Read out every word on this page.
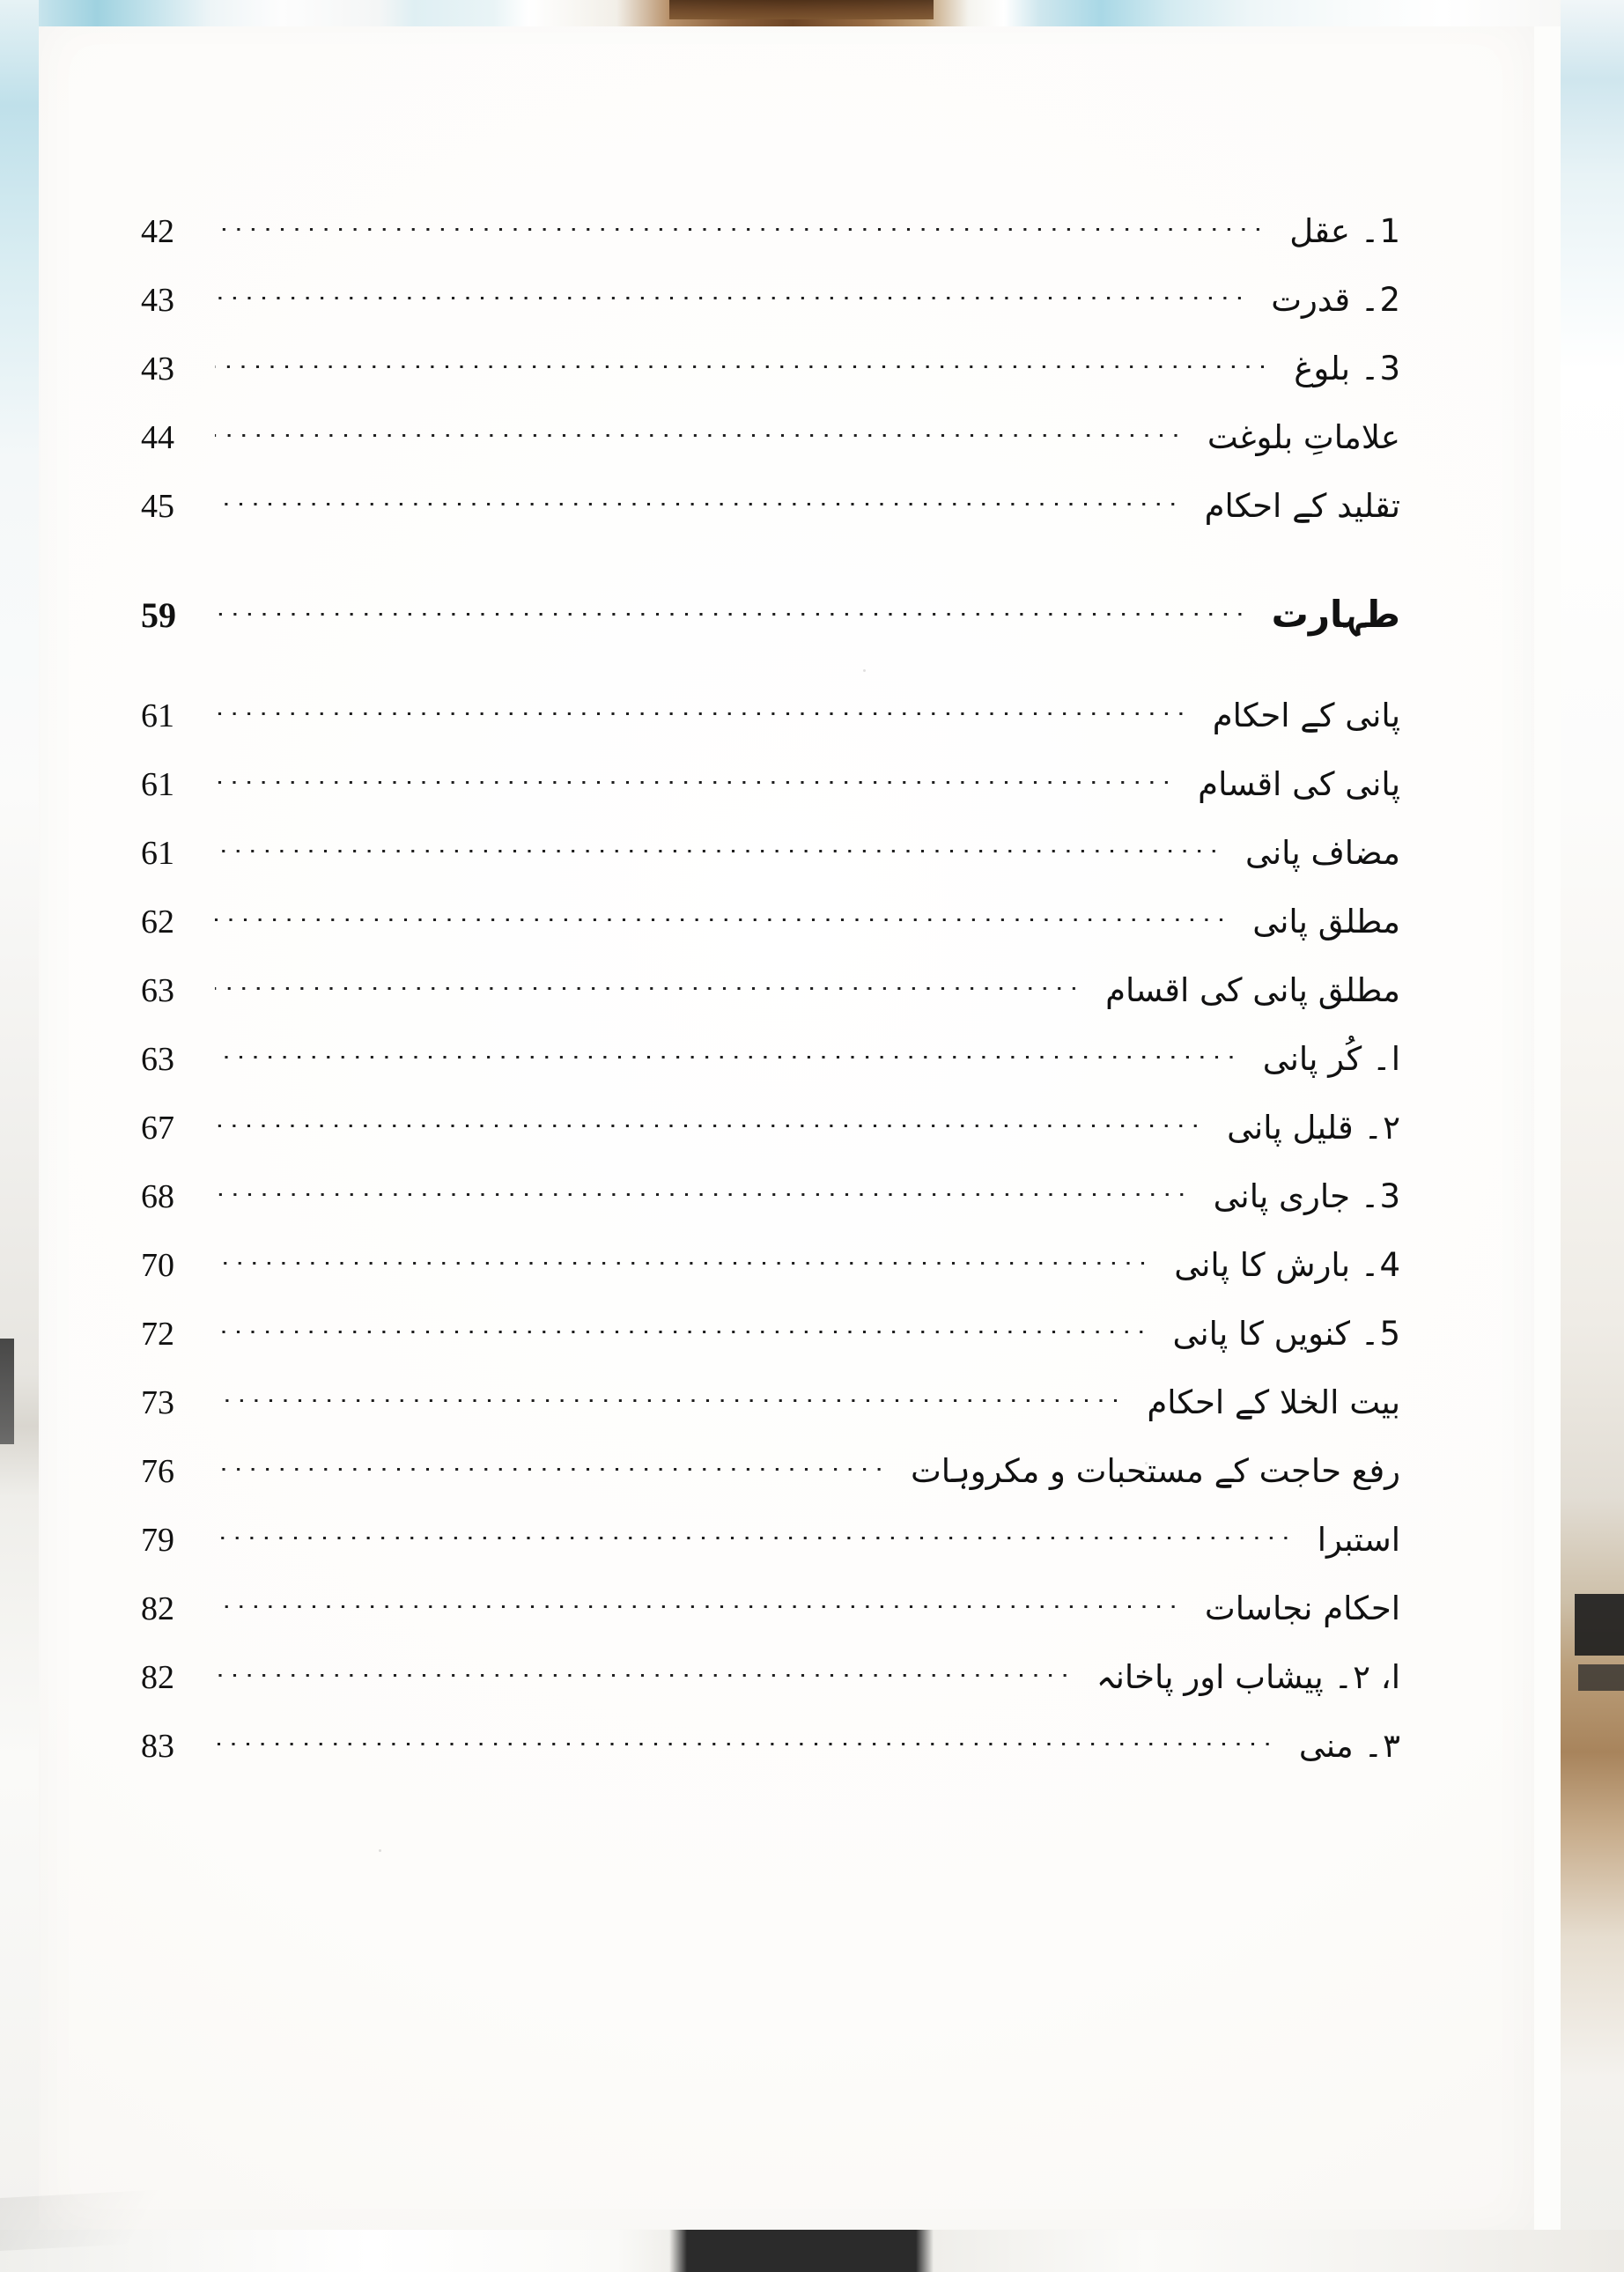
1۔ عقل
.....
42
2۔ قدرت
.....
43
3۔ بلوغ
.....
43
علاماتِ بلوغت
.....
44
تقلید کے احکام
.....
45
طہارت
.....
59
پانی کے احکام
.....
61
پانی کی اقسام
.....
61
مضاف پانی
.....
61
مطلق پانی
.....
62
مطلق پانی کی اقسام
.....
63
ا۔ کُر پانی
.....
63
۲۔ قلیل پانی
.....
67
3۔ جاری پانی
.....
68
4۔ بارش کا پانی
.....
70
5۔ کنویں کا پانی
.....
72
بیت الخلا کے احکام
.....
73
رفع حاجت کے مستحبات و مکروہات
.....
76
استبرا
.....
79
احکام نجاسات
.....
82
ا، ۲۔ پیشاب اور پاخانہ
.....
82
۳۔ منی
.....
83
